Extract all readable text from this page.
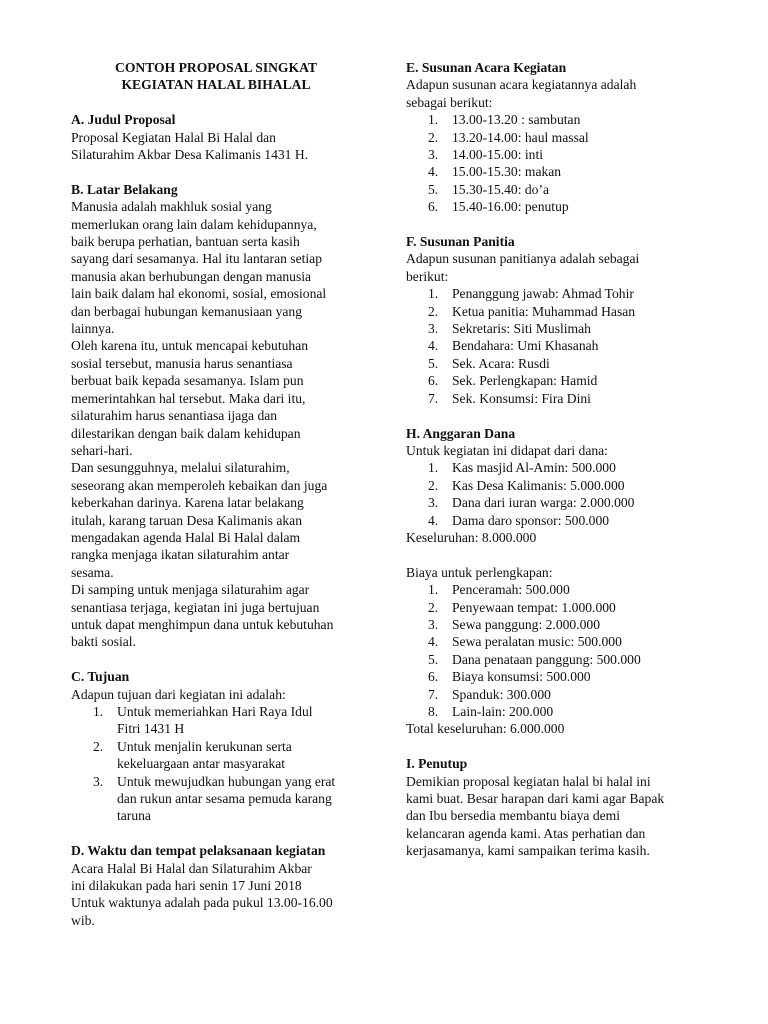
CONTOH PROPOSAL SINGKAT
KEGIATAN HALAL BIHALAL
A. Judul Proposal
Proposal Kegiatan Halal Bi Halal dan
Silaturahim Akbar Desa Kalimanis 1431 H.
B. Latar Belakang
Manusia adalah makhluk sosial yang
memerlukan orang lain dalam kehidupannya,
baik berupa perhatian, bantuan serta kasih
sayang dari sesamanya. Hal itu lantaran setiap
manusia akan berhubungan dengan manusia
lain baik dalam hal ekonomi, sosial, emosional
dan berbagai hubungan kemanusiaan yang
lainnya.
Oleh karena itu, untuk mencapai kebutuhan
sosial tersebut, manusia harus senantiasa
berbuat baik kepada sesamanya. Islam pun
memerintahkan hal tersebut. Maka dari itu,
silaturahim harus senantiasa ijaga dan
dilestarikan dengan baik dalam kehidupan
sehari-hari.
Dan sesungguhnya, melalui silaturahim,
seseorang akan memperoleh kebaikan dan juga
keberkahan darinya. Karena latar belakang
itulah, karang taruan Desa Kalimanis akan
mengadakan agenda Halal Bi Halal dalam
rangka menjaga ikatan silaturahim antar
sesama.
Di samping untuk menjaga silaturahim agar
senantiasa terjaga, kegiatan ini juga bertujuan
untuk dapat menghimpun dana untuk kebutuhan
bakti sosial.
C. Tujuan
Adapun tujuan dari kegiatan ini adalah:
1. Untuk memeriahkan Hari Raya Idul
Fitri 1431 H
2. Untuk menjalin kerukunan serta
kekeluargaan antar masyarakat
3. Untuk mewujudkan hubungan yang erat
dan rukun antar sesama pemuda karang
taruna
D. Waktu dan tempat pelaksanaan kegiatan
Acara Halal Bi Halal dan Silaturahim Akbar
ini dilakukan pada hari senin 17 Juni 2018
Untuk waktunya adalah pada pukul 13.00-16.00
wib.
E. Susunan Acara Kegiatan
Adapun susunan acara kegiatannya adalah
sebagai berikut:
1. 13.00-13.20 : sambutan
2. 13.20-14.00: haul massal
3. 14.00-15.00: inti
4. 15.00-15.30: makan
5. 15.30-15.40: do’a
6. 15.40-16.00: penutup
F. Susunan Panitia
Adapun susunan panitianya adalah sebagai
berikut:
1. Penanggung jawab: Ahmad Tohir
2. Ketua panitia: Muhammad Hasan
3. Sekretaris: Siti Muslimah
4. Bendahara: Umi Khasanah
5. Sek. Acara: Rusdi
6. Sek. Perlengkapan: Hamid
7. Sek. Konsumsi: Fira Dini
H. Anggaran Dana
Untuk kegiatan ini didapat dari dana:
1. Kas masjid Al-Amin: 500.000
2. Kas Desa Kalimanis: 5.000.000
3. Dana dari iuran warga: 2.000.000
4. Dama daro sponsor: 500.000
Keseluruhan: 8.000.000
Biaya untuk perlengkapan:
1. Penceramah: 500.000
2. Penyewaan tempat: 1.000.000
3. Sewa panggung: 2.000.000
4. Sewa peralatan music: 500.000
5. Dana penataan panggung: 500.000
6. Biaya konsumsi: 500.000
7. Spanduk: 300.000
8. Lain-lain: 200.000
Total keseluruhan: 6.000.000
I. Penutup
Demikian proposal kegiatan halal bi halal ini
kami buat. Besar harapan dari kami agar Bapak
dan Ibu bersedia membantu biaya demi
kelancaran agenda kami. Atas perhatian dan
kerjasamanya, kami sampaikan terima kasih.
